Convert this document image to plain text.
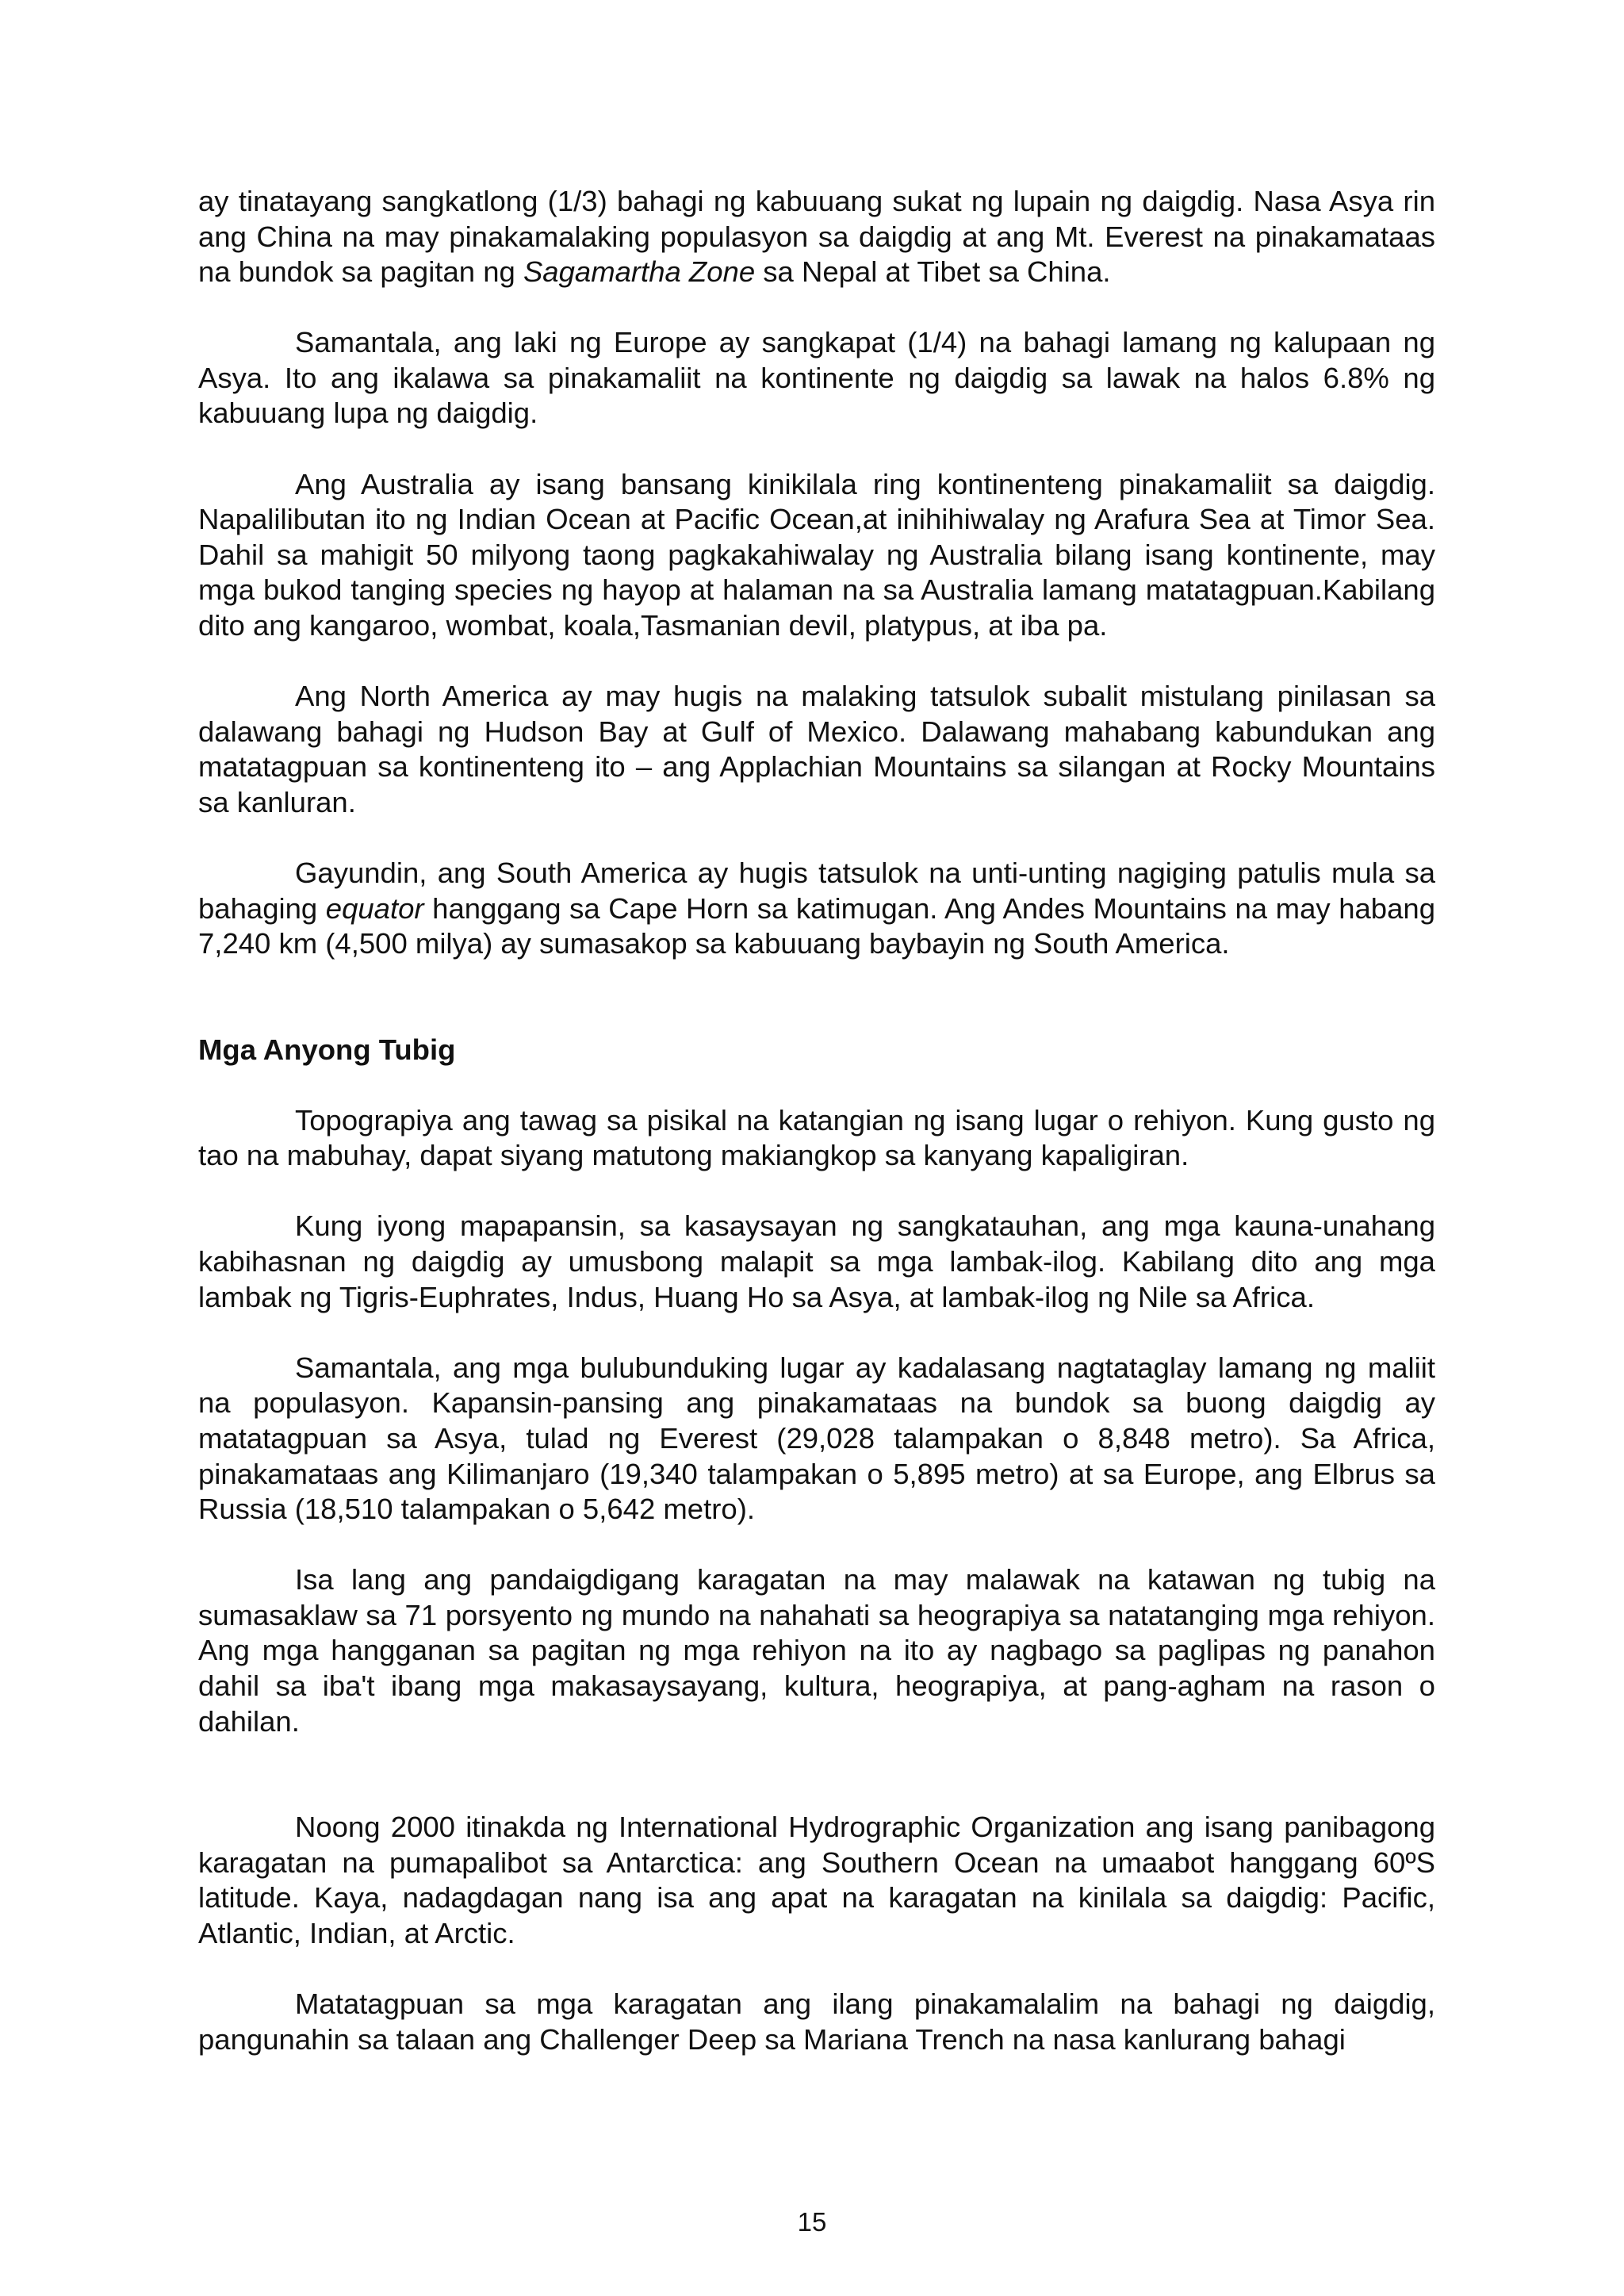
ay tinatayang sangkatlong (1/3) bahagi ng kabuuang sukat ng lupain ng daigdig. Nasa Asya rin ang China na may pinakamalaking populasyon sa daigdig at ang Mt. Everest na pinakamataas na bundok sa pagitan ng Sagamartha Zone sa Nepal at Tibet sa China.

Samantala, ang laki ng Europe ay sangkapat (1/4) na bahagi lamang ng kalupaan ng Asya. Ito ang ikalawa sa pinakamaliit na kontinente ng daigdig sa lawak na halos 6.8% ng kabuuang lupa ng daigdig.

Ang Australia ay isang bansang kinikilala ring kontinenteng pinakamaliit sa daigdig. Napalilibutan ito ng Indian Ocean at Pacific Ocean,at inihihiwalay ng Arafura Sea at Timor Sea. Dahil sa mahigit 50 milyong taong pagkakahiwalay ng Australia bilang isang kontinente, may mga bukod tanging species ng hayop at halaman na sa Australia lamang matatagpuan.Kabilang dito ang kangaroo, wombat, koala,Tasmanian devil, platypus, at iba pa.

Ang North America ay may hugis na malaking tatsulok subalit mistulang pinilasan sa dalawang bahagi ng Hudson Bay at Gulf of Mexico. Dalawang mahabang kabundukan ang matatagpuan sa kontinenteng ito – ang Applachian Mountains sa silangan at Rocky Mountains sa kanluran.

Gayundin, ang South America ay hugis tatsulok na unti-unting nagiging patulis mula sa bahaging equator hanggang sa Cape Horn sa katimugan. Ang Andes Mountains na may habang 7,240 km (4,500 milya) ay sumasakop sa kabuuang baybayin ng South America.

Mga Anyong Tubig

Topograpiya ang tawag sa pisikal na katangian ng isang lugar o rehiyon. Kung gusto ng tao na mabuhay, dapat siyang matutong makiangkop sa kanyang kapaligiran.

Kung iyong mapapansin, sa kasaysayan ng sangkatauhan, ang mga kauna-unahang kabihasnan ng daigdig ay umusbong malapit sa mga lambak-ilog. Kabilang dito ang mga lambak ng Tigris-Euphrates, Indus, Huang Ho sa Asya, at lambak-ilog ng Nile sa Africa.

Samantala, ang mga bulubunduking lugar ay kadalasang nagtataglay lamang ng maliit na populasyon. Kapansin-pansing ang pinakamataas na bundok sa buong daigdig ay matatagpuan sa Asya, tulad ng Everest (29,028 talampakan o 8,848 metro). Sa Africa, pinakamataas ang Kilimanjaro (19,340 talampakan o 5,895 metro) at sa Europe, ang Elbrus sa Russia (18,510 talampakan o 5,642 metro).

Isa lang ang pandaigdigang karagatan na may malawak na katawan ng tubig na sumasaklaw sa 71 porsyento ng mundo na nahahati sa heograpiya sa natatanging mga rehiyon. Ang mga hangganan sa pagitan ng mga rehiyon na ito ay nagbago sa paglipas ng panahon dahil sa iba't ibang mga makasaysayang, kultura, heograpiya, at pang-agham na rason o dahilan.

Noong 2000 itinakda ng International Hydrographic Organization ang isang panibagong karagatan na pumapalibot sa Antarctica: ang Southern Ocean na umaabot hanggang 60ºS latitude. Kaya, nadagdagan nang isa ang apat na karagatan na kinilala sa daigdig: Pacific, Atlantic, Indian, at Arctic.

Matatagpuan sa mga karagatan ang ilang pinakamalalim na bahagi ng daigdig, pangunahin sa talaan ang Challenger Deep sa Mariana Trench na nasa kanlurang bahagi

15
